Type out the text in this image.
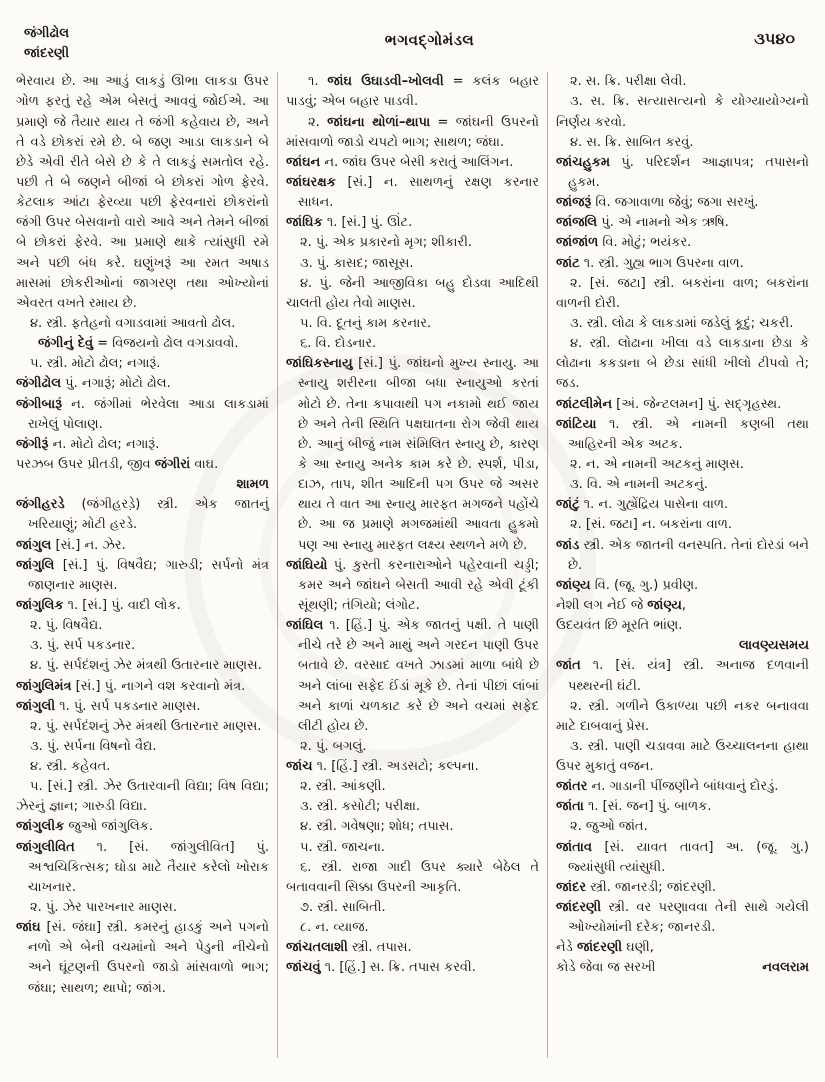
જંગીઢોલ
જાંદરણી
ભગવદ્ગોમંડલ	૩૫૪૦

ભેરવાય છે. આ આડું લાકડું ઊભા લાકડા ઉપર ગોળ ફરતું રહે એમ બેસતું આવવું જોઈએ. આ પ્રમાણે જે તૈયાર થાય તે જંગી કહેવાય છે, અને તે વડે છોકરાં રમે છે. બે જણ આડા લાકડાને બે છેડે એવી રીતે બેસે છે કે તે લાકડું સમતોલ રહે. પછી તે બે જણને બીજાં બે છોકરાં ગોળ ફેરવે. કેટલાક આંટા ફેરવ્યા પછી ફેરવનારાં છોકરાંનો જંગી ઉપર બેસવાનો વારો આવે અને તેમને બીજાં બે છોકરાં ફેરવે. આ પ્રમાણે થાકે ત્યાંસુધી રમે અને પછી બંધ કરે. ઘણુંખરૂં આ રમત અષાડ માસમાં છોકરીઓનાં જાગરણ તથા ઓખ્યોનાં એવરત વખતે રમાય છે.

૪. સ્ત્રી. ફતેહનો વગાડવામાં આવતો ઢોલ.

જંગીનું દેવું = વિજયનો ઢોલ વગડાવવો.

૫. સ્ત્રી. મોટો ઢોલ; નગારૂં.

જંગીઢોલ પું. નગારૂં; મોટો ઢોલ.

જંગીબારૂં ન. જંગીમાં ભેરવેલા આડા લાકડામાં રાખેલું પોલાણ.

જંગીરૂં ન. મોટો ઢોલ; નગારૂં.

પરઝબ ઉપર પ્રીતડી, જીવ જંગીરાં વાઘ.

શામળ

જંગીહરડે (જંગીહરડે઼) સ્ત્રી. એક જાતનું ખરિયાણું; મોટી હરડે.

જાંગુલ [સં.] ન. ઝેર.

જાંગુલિ [સં.] પું. વિષવૈદ્ય; ગારુડી; સર્પનો મંત્ર જાણનાર માણસ.

જાંગુલિક ૧. [સં.] પું. વાદી લોક.

૨. પું. વિષવૈદ્ય.

૩. પું. સર્પ પકડનાર.

૪. પું. સર્પદંશનું ઝેર મંત્રથી ઉતારનાર માણસ.

જાંગુલિમંત્ર [સં.] પું. નાગને વશ કરવાનો મંત્ર.

જાંગુલી ૧. પું. સર્પ પકડનાર માણસ.

૨. પું. સર્પદંશનું ઝેર મંત્રથી ઉતારનાર માણસ.

૩. પું. સર્પના વિષનો વૈદ્ય.

૪. સ્ત્રી. કહેવત.

૫. [સં.] સ્ત્રી. ઝેર ઉતારવાની વિદ્યા; વિષ વિદ્યા; ઝેરનું જ્ઞાન; ગારુડી વિદ્યા.

જાંગુલીક જુઓ જાંગુલિક.

જાંગુલીવિત ૧. [સં. જાંગુલીવિત] પું. અશ્વચિકિત્સક; ઘોડા માટે તૈયાર કરેલો ખોરાક ચાખનાર.

૨. પું. ઝેર પારખનાર માણસ.

જાંઘ [સં. જંઘા] સ્ત્રી. કમરનું હાડકું અને પગનો નળો એ બેની વચમાંનો અને પેડુની નીચેનો અને ઘૂંટણની ઉપરનો જાડો માંસવાળો ભાગ; જંઘા; સાથળ; થાપો; જાંગ.

૧. જાંઘ ઉઘાડવી–ખોલવી = કલંક બહાર પાડવું; એબ બહાર પાડવી.

૨. જાંઘના થોળાં–થાપા = જાંઘની ઉપરનો માંસવાળો જાડો ચપટો ભાગ; સાથળ; જંઘા.

જાંઘન ન. જાંઘ ઉપર બેસી કરાતું આલિંગન.

જાંઘરક્ષક [સં.] ન. સાથળનું રક્ષણ કરનાર સાધન.

જાંઘિક ૧. [સં.] પું. ઊંટ.

૨. પું. એક પ્રકારનો મૃગ; શીકારી.

૩. પું. કાસદ; જાસૂસ.

૪. પું. જેની આજીવિકા બહુ દોડવા આદિથી ચાલતી હોય તેવો માણસ.

૫. વિ. દૂતનું કામ કરનાર.

૬. વિ. દોડનાર.

જાંઘિકસ્નાયુ [સં.] પું. જાંઘનો મુખ્ય સ્નાયુ. આ સ્નાયુ શરીરના બીજા બધા સ્નાયુઓ કરતાં મોટો છે. તેના કપાવાથી પગ નકામો થઈ જાય છે અને તેની સ્થિતિ પક્ષઘાતના રોગ જેવી થાય છે. આનું બીજું નામ સંમિલિત સ્નાયુ છે, કારણ કે આ સ્નાયુ અનેક કામ કરે છે. સ્પર્શ, પીડા, દાઝ, તાપ, શીત આદિની પગ ઉપર જે અસર થાય તે વાત આ સ્નાયુ મારફત મગજને પહોંચે છે. આ જ પ્રમાણે મગજમાંથી આવતા હુકમો પણ આ સ્નાયુ મારફત લક્ષ્ય સ્થળને મળે છે.

જાંઘિયો પું. કુસ્તી કરનારાઓને પહેરવાની ચડ્ડી; કમર અને જાંઘને બેસતી આવી રહે એવી ટૂંકી સૂંથણી; તંગિયો; લંગોટ.

જાંઘિલ ૧. [હિં.] પું. એક જાતનું પક્ષી. તે પાણી નીચે તરે છે અને માથું અને ગરદન પાણી ઉપર બતાવે છે. વરસાદ વખતે ઝાડમાં માળા બાંધે છે અને લાંબા સફેદ ઈંડાં મૂકે છે. તેનાં પીછાં લાંબાં અને કાળાં ચળકાટ કરે છે અને વચમાં સફેદ લીટી હોય છે.

૨. પું. બગલું.

જાંચ ૧. [હિં.] સ્ત્રી. અડસટો; કલ્પના.

૨. સ્ત્રી. આંકણી.

૩. સ્ત્રી. કસોટી; પરીક્ષા.

૪. સ્ત્રી. ગવેષણા; શોધ; તપાસ.

૫. સ્ત્રી. જાચના.

૬. સ્ત્રી. રાજા ગાદી ઉપર ક્યારે બેઠેલ તે બતાવવાની સિક્કા ઉપરની આકૃતિ.

૭. સ્ત્રી. સાબિતી.

૮. ન. વ્યાજ.

જાંચતલાશી સ્ત્રી. તપાસ.

જાંચવું ૧. [હિં.] સ. ક્રિ. તપાસ કરવી.

૨. સ. ક્રિ. પરીક્ષા લેવી.

૩. સ. ક્રિ. સત્યાસત્યનો કે યોગ્યાયોગ્યનો નિર્ણય કરવો.

૪. સ. ક્રિ. સાબિત કરવું.

જાંચહુકમ પું. પરિદર્શન આજ્ઞાપત્ર; તપાસનો હુકમ.

જાંજરૂં વિ. જગાવાળા જેવું; જગા સરખું.

જાંજલિ પું. એ નામનો એક ઋષિ.

જાંજાંળ વિ. મોટું; ભયંકર.

જાંટ ૧. સ્ત્રી. ગુહ્ય ભાગ ઉપરના વાળ.

૨. [સં. જટા] સ્ત્રી. બકરાંના વાળ; બકરાંના વાળની દોરી.

૩. સ્ત્રી. લોઢા કે લાકડામાં જડેલું કૂદું; ચકરી.

૪. સ્ત્રી. લોઢાના ખીલા વડે લાકડાના છેડા કે લોઢાના કકડાના બે છેડા સાંધી ખીલો ટીપવો તે; જડ.

જાંટલીમેન [અં. જેન્ટલમન] પું. સદ્ગૃહસ્થ.

જાંટિયા ૧. સ્ત્રી. એ નામની કણબી તથા આહિરની એક અટક.

૨. ન. એ નામની અટકનું માણસ.

૩. વિ. એ નામની અટકનું.

જાંટું ૧. ન. ગુહ્યેંદ્રિય પાસેના વાળ.

૨. [સં. જટા] ન. બકરાંના વાળ.

જાંડ સ્ત્રી. એક જાતની વનસ્પતિ. તેનાં દોરડાં બને છે.

જાંણ્ય વિ. (જૂ. ગુ.) પ્રવીણ.

નેશી લગ નેઈ જે જાંણ્ય,

ઉદયવંત છિ મૂરતિ ભાંણ.

લાવણ્યસમય

જાંત ૧. [સં. યંત્ર] સ્ત્રી. અનાજ દળવાની પથ્થરની ઘંટી.

૨. સ્ત્રી. ગળીને ઉકાળ્યા પછી નકર બનાવવા માટે દાબવાનું પ્રેસ.

૩. સ્ત્રી. પાણી ચડાવવા માટે ઉચ્ચાલનના હાથા ઉપર મુકાતું વજન.

જાંતર ન. ગાડાની પીંજણીને બાંધવાનું દોરડું.

જાંતા ૧. [સં. જન] પું. બાળક.

૨. જુઓ જાંત.

જાંતાવ [સં. યાવત તાવત] અ. (જૂ. ગુ.) જ્યાંસુધી ત્યાંસુધી.

જાંદર સ્ત્રી. જાનરડી; જાંદરણી.

જાંદરણી સ્ત્રી. વર પરણાવવા તેની સાથે ગયેલી ઓખ્યોમાંની દરેક; જાનરડી.

નેડે જાંદરણી ઘણી,

નવલરામ
કોડે જેવા જ સરખી
